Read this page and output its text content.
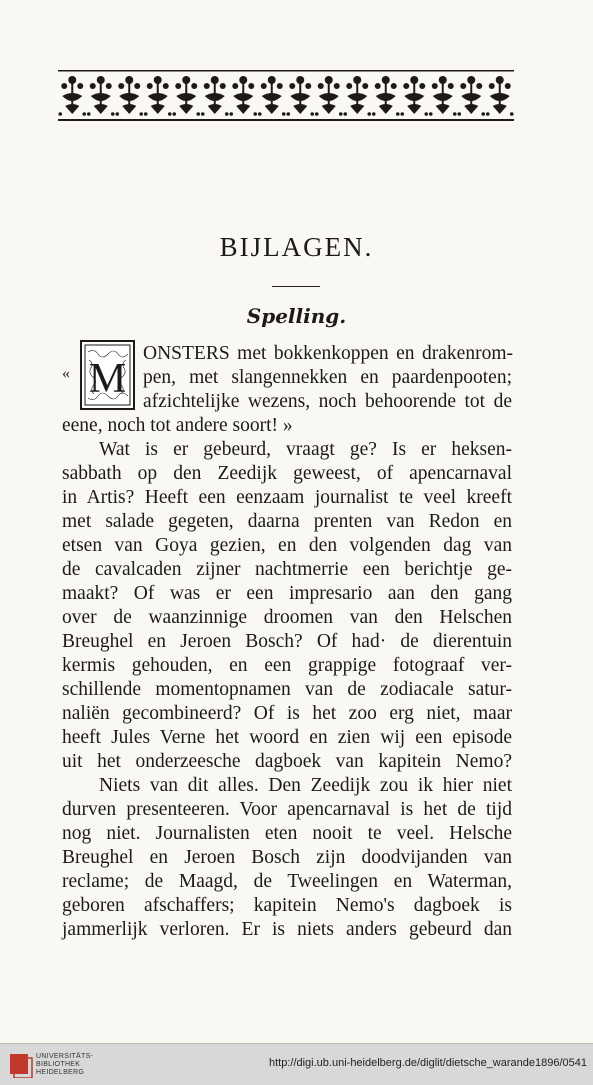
BIJLAGEN.
Spelling.
« M
ONSTERS met bokkenkoppen en drakenrom-
pen, met slangennekken en paardenpooten;
afzichtelijke wezens, noch behoorende tot de
eene, noch tot andere soort! »
Wat is er gebeurd, vraagt ge? Is er heksen-
sabbath op den Zeedijk geweest, of apencarnaval
in Artis? Heeft een eenzaam journalist te veel kreeft
met salade gegeten, daarna prenten van Redon en
etsen van Goya gezien, en den volgenden dag van
de cavalcaden zijner nachtmerrie een berichtje ge-
maakt? Of was er een impresario aan den gang
over de waanzinnige droomen van den Helschen
Breughel en Jeroen Bosch? Of had· de dierentuin
kermis gehouden, en een grappige fotograaf ver-
schillende momentopnamen van de zodiacale satur-
naliën gecombineerd? Of is het zoo erg niet, maar
heeft Jules Verne het woord en zien wij een episode
uit het onderzeesche dagboek van kapitein Nemo?
Niets van dit alles. Den Zeedijk zou ik hier niet
durven presenteeren. Voor apencarnaval is het de tijd
nog niet. Journalisten eten nooit te veel. Helsche
Breughel en Jeroen Bosch zijn doodvijanden van
reclame; de Maagd, de Tweelingen en Waterman,
geboren afschaffers; kapitein Nemo's dagboek is
jammerlijk verloren. Er is niets anders gebeurd dan
UNIVERSITÄTS-
BIBLIOTHEK
HEIDELBERG
http://digi.ub.uni-heidelberg.de/diglit/dietsche_warande1896/0541
